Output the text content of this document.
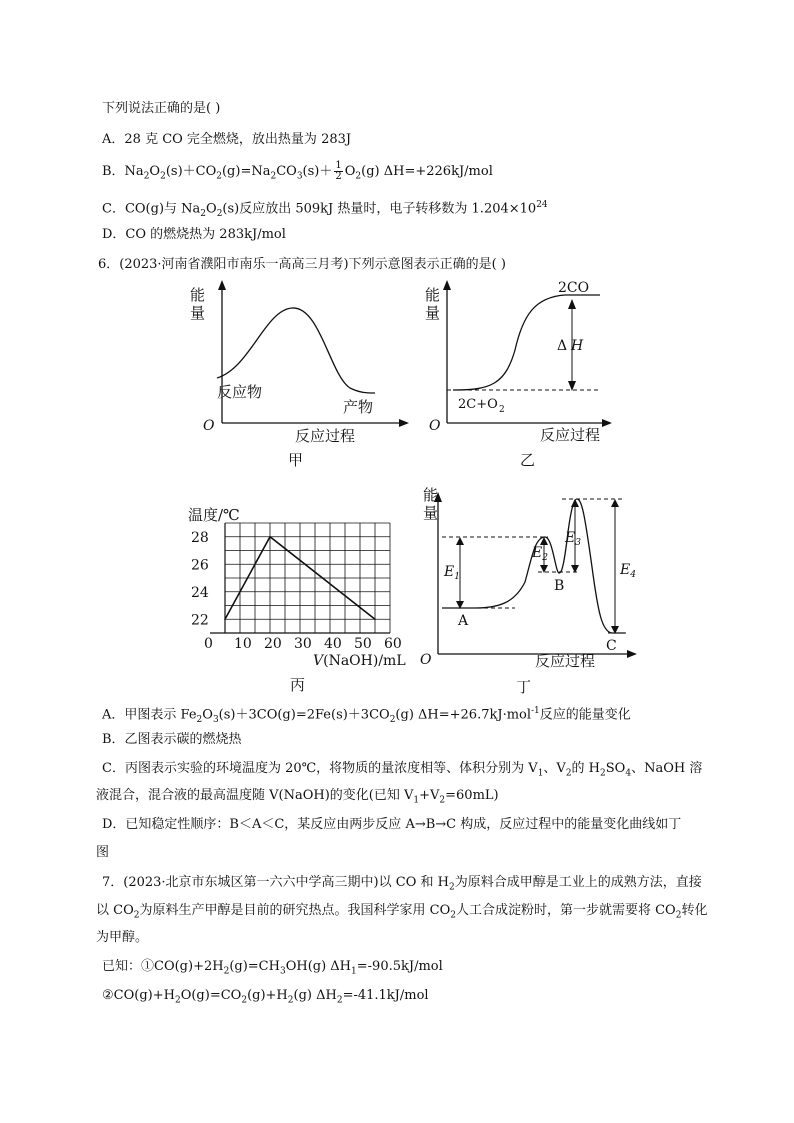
下列说法正确的是( )
A．28 克 CO 完全燃烧，放出热量为 283J
B．$Na_2O_2(s)+CO_2(g)=Na_2CO_3(s)+ \frac{1}{2} O_2(g)$ ΔH=+226kJ/mol
C．CO(g)与 $Na_2O_2(s)$反应放出 509kJ 热量时，电子转移数为 $1.204\times 10^{24}$
D．CO 的燃烧热为 283kJ/mol
6．(2023·河南省濮阳市南乐一高高三月考)下列示意图表示正确的是( )
能
量
O
反应过程
反应物
产物
甲
能
量
O	反应过程
2CO
Δ H
2C+O 2
乙
0 10 20 30 40 50 60
28
26
24
22
温度/℃
V(NaOH)/mL
丙
能
量
O	反应过程
$E_1$
$E_2$
$E_3$
$E_4$
A
B
C
丁
A．甲图表示 $Fe_2O_3(s)+3CO(g)=2Fe(s)+3CO_2(g)$ ΔH=+26.7kJ·mol$^{-1}$反应的能量变化
B．乙图表示碳的燃烧热
C．丙图表示实验的环境温度为 20℃，将物质的量浓度相等、体积分别为 $V_1$、$V_2$的 $H_2SO_4$、NaOH 溶
液混合，混合液的最高温度随 V(NaOH)的变化(已知 $V_1+V_2=60mL$)
D．已知稳定性顺序：B＜A＜C，某反应由两步反应 A→B→C 构成，反应过程中的能量变化曲线如丁
图
7．(2023·北京市东城区第一六六中学高三期中)以 CO 和 $H_2$为原料合成甲醇是工业上的成熟方法，直接
以 $CO_2$为原料生产甲醇是目前的研究热点。我国科学家用 $CO_2$人工合成淀粉时，第一步就需要将 $CO_2$转化
为甲醇。
已知：$①CO(g)+2H_2(g)=CH_3OH(g)$ $\Delta H_1=-90.5kJ$/mol
$②CO(g)+H_2O(g)=CO_2(g)+H_2(g)$ $\Delta H_2=-41.1kJ$/mol
